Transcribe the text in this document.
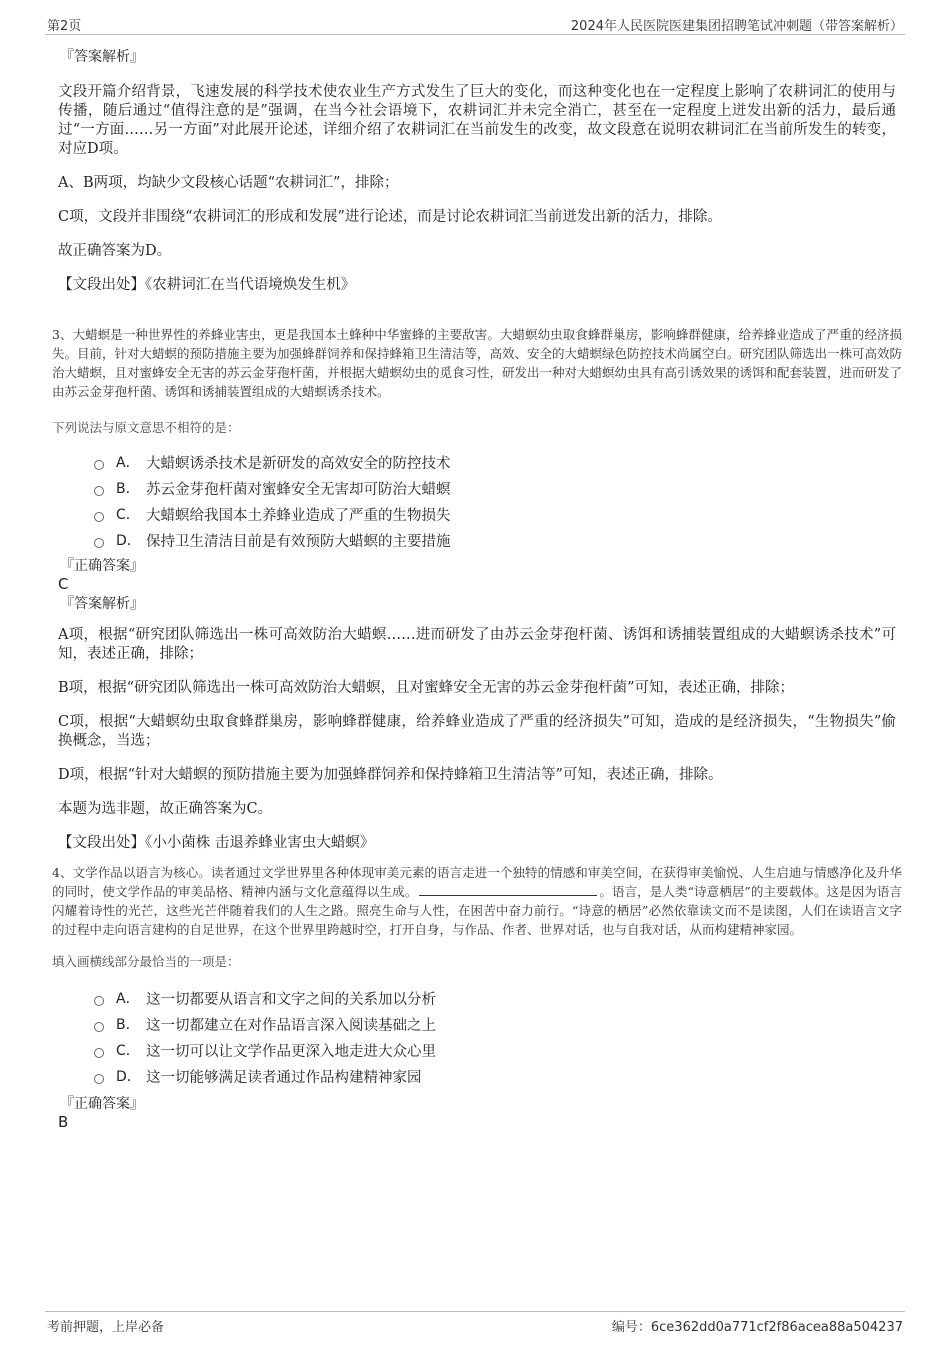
第2页	2024年人民医院医建集团招聘笔试冲刺题（带答案解析）
『答案解析』
文段开篇介绍背景，飞速发展的科学技术使农业生产方式发生了巨大的变化，而这种变化也在一定程度上影响了农耕词汇的使用与传播，随后通过“值得注意的是”强调，在当今社会语境下，农耕词汇并未完全消亡，甚至在一定程度上迸发出新的活力，最后通过“一方面……另一方面”对此展开论述，详细介绍了农耕词汇在当前发生的改变，故文段意在说明农耕词汇在当前所发生的转变，对应D项。
A、B两项，均缺少文段核心话题“农耕词汇”，排除；
C项，文段并非围绕“农耕词汇的形成和发展”进行论述，而是讨论农耕词汇当前迸发出新的活力，排除。
故正确答案为D。
【文段出处】《农耕词汇在当代语境焕发生机》
3、大蜡螟是一种世界性的养蜂业害虫，更是我国本土蜂种中华蜜蜂的主要敌害。大蜡螟幼虫取食蜂群巢房，影响蜂群健康，给养蜂业造成了严重的经济损失。目前，针对大蜡螟的预防措施主要为加强蜂群饲养和保持蜂箱卫生清洁等，高效、安全的大蜡螟绿色防控技术尚属空白。研究团队筛选出一株可高效防治大蜡螟，且对蜜蜂安全无害的苏云金芽孢杆菌，并根据大蜡螟幼虫的觅食习性，研发出一种对大蜡螟幼虫具有高引诱效果的诱饵和配套装置，进而研发了由苏云金芽孢杆菌、诱饵和诱捕装置组成的大蜡螟诱杀技术。
下列说法与原文意思不相符的是：
A． 大蜡螟诱杀技术是新研发的高效安全的防控技术
B． 苏云金芽孢杆菌对蜜蜂安全无害却可防治大蜡螟
C． 大蜡螟给我国本土养蜂业造成了严重的生物损失
D． 保持卫生清洁目前是有效预防大蜡螟的主要措施
『正确答案』
C
『答案解析』
A项，根据“研究团队筛选出一株可高效防治大蜡螟……进而研发了由苏云金芽孢杆菌、诱饵和诱捕装置组成的大蜡螟诱杀技术”可知，表述正确，排除；
B项，根据“研究团队筛选出一株可高效防治大蜡螟，且对蜜蜂安全无害的苏云金芽孢杆菌”可知，表述正确，排除；
C项，根据“大蜡螟幼虫取食蜂群巢房，影响蜂群健康，给养蜂业造成了严重的经济损失”可知，造成的是经济损失，“生物损失”偷换概念，当选；
D项，根据“针对大蜡螟的预防措施主要为加强蜂群饲养和保持蜂箱卫生清洁等”可知，表述正确，排除。
本题为选非题，故正确答案为C。
【文段出处】《小小菌株 击退养蜂业害虫大蜡螟》
4、文学作品以语言为核心。读者通过文学世界里各种体现审美元素的语言走进一个独特的情感和审美空间，在获得审美愉悦、人生启迪与情感净化及升华的同时，使文学作品的审美品格、精神内涵与文化意蕴得以生成。	。语言，是人类“诗意栖居”的主要载体。这是因为语言闪耀着诗性的光芒，这些光芒伴随着我们的人生之路。照亮生命与人性，在困苦中奋力前行。“诗意的栖居”必然依靠读文而不是读图，人们在读语言文字的过程中走向语言建构的自足世界，在这个世界里跨越时空，打开自身，与作品、作者、世界对话，也与自我对话，从而构建精神家园。
填入画横线部分最恰当的一项是：
A． 这一切都要从语言和文字之间的关系加以分析
B． 这一切都建立在对作品语言深入阅读基础之上
C． 这一切可以让文学作品更深入地走进大众心里
D． 这一切能够满足读者通过作品构建精神家园
『正确答案』
B
考前押题，上岸必备	编号：6ce362dd0a771cf2f86acea88a504237
